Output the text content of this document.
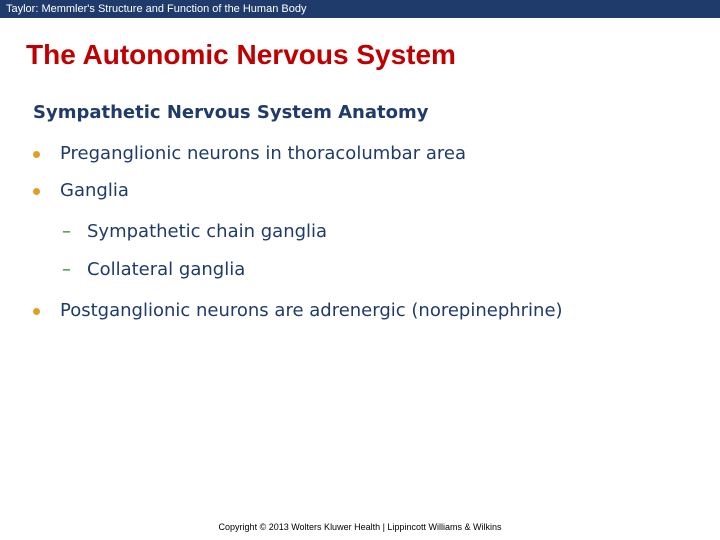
Taylor: Memmler's Structure and Function of the Human Body
The Autonomic Nervous System
Sympathetic Nervous System Anatomy
Preganglionic neurons in thoracolumbar area
Ganglia
– Sympathetic chain ganglia
– Collateral ganglia
Postganglionic neurons are adrenergic (norepinephrine)
Copyright © 2013 Wolters Kluwer Health | Lippincott Williams & Wilkins
